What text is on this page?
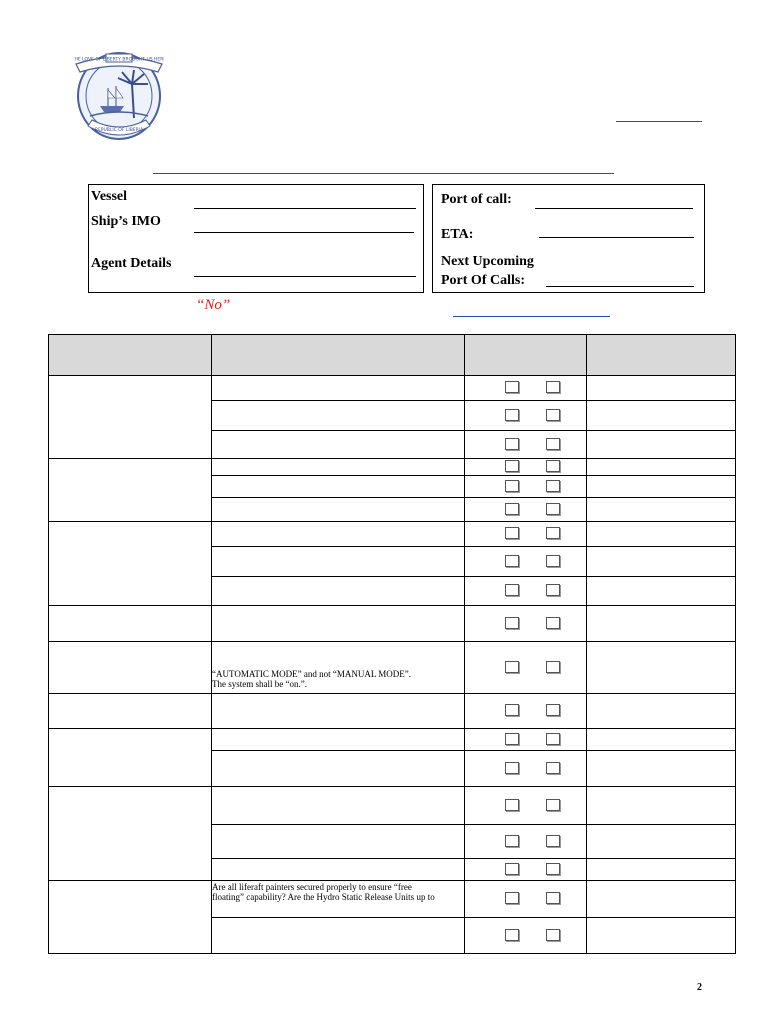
THE LOVE OF LIBERTY BROUGHT US HERE
REPUBLIC OF LIBERIA
Vessel
Ship’s IMO
Agent Details
Port of call:
ETA:
Next Upcoming
Port Of Calls:
“No”

	“AUTOMATIC MODE” and not “MANUAL MODE”.
The system shall be “on.”.		

	Are all liferaft painters secured properly to ensure “free
floating” capability? Are the Hydro Static Release Units up to		

2
